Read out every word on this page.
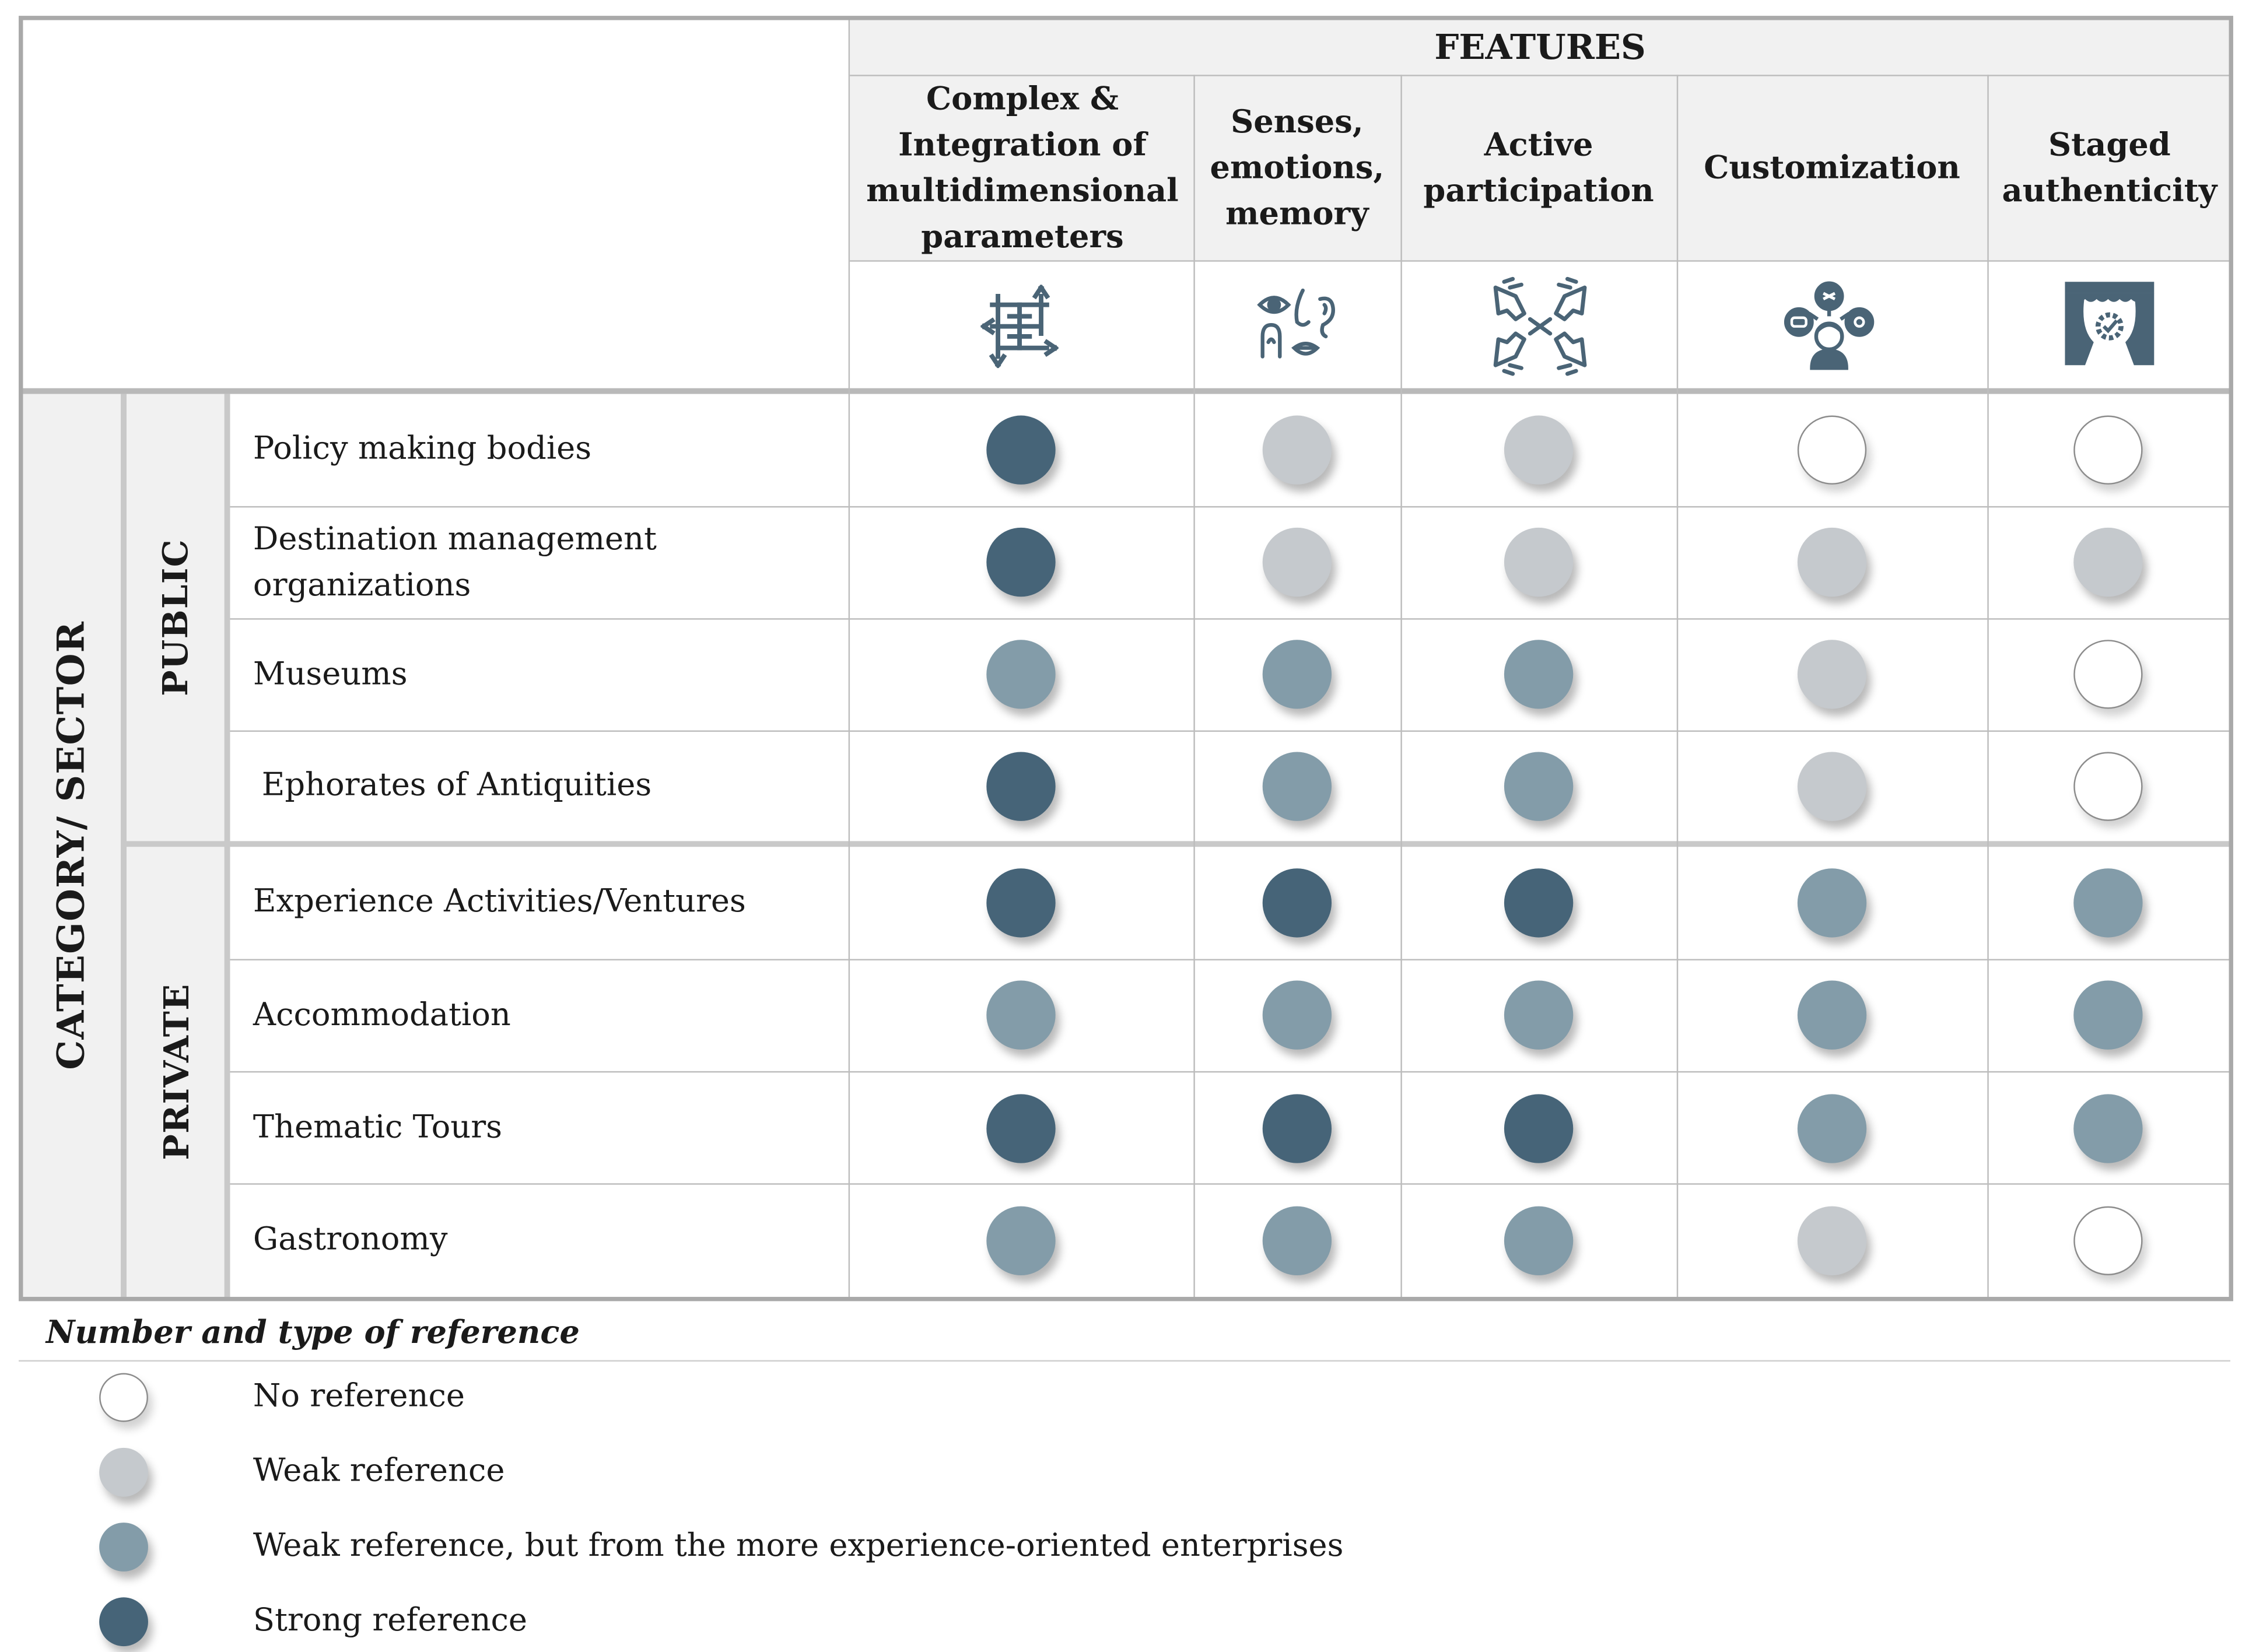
FEATURES
Complex & Integration of multidimensional parameters
Senses, emotions, memory
Active participation
Customization
Staged authenticity
CATEGORY/ SECTOR
PUBLIC
PRIVATE
Policy making bodies
Destination management organizations
Museums
Ephorates of Antiquities
Experience Activities/Ventures
Accommodation
Thematic Tours
Gastronomy
Number and type of reference
No reference
Weak reference
Weak reference, but from the more experience-oriented enterprises
Strong reference
